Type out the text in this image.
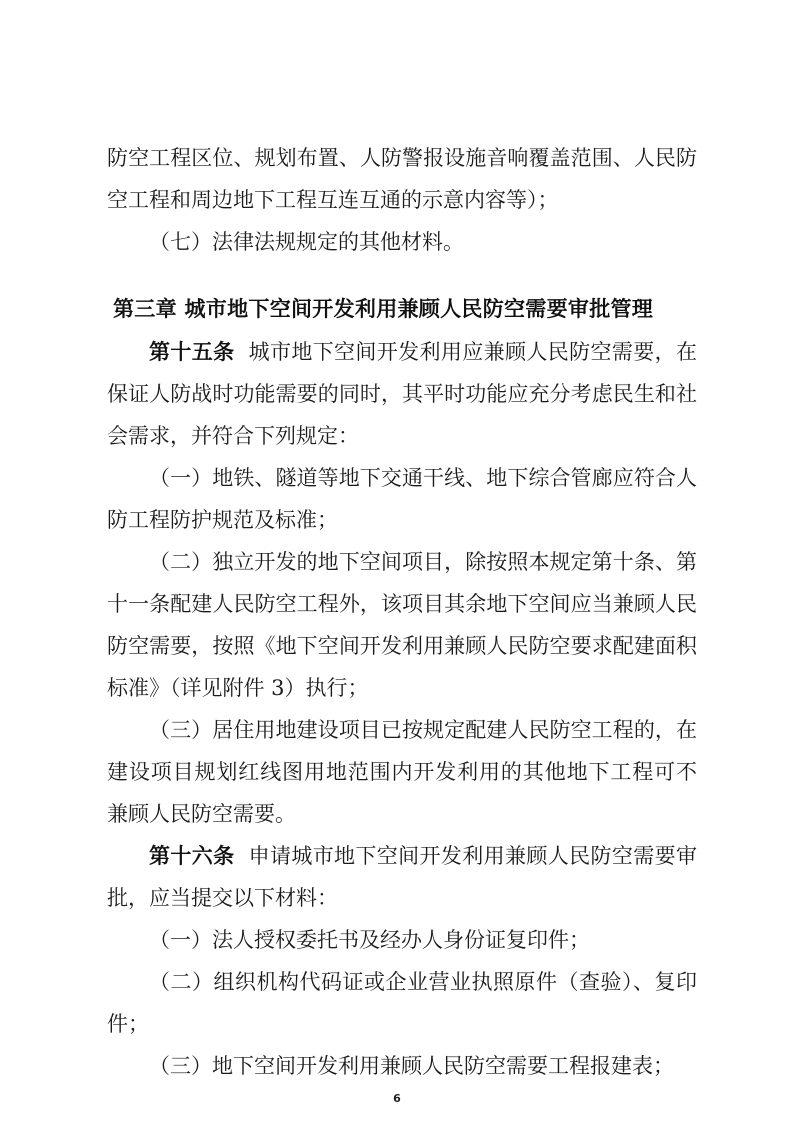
防空工程区位、规划布置、人防警报设施音响覆盖范围、人民防
空工程和周边地下工程互连互通的示意内容等）；
（七）法律法规规定的其他材料。
第三章 城市地下空间开发利用兼顾人民防空需要审批管理
第十五条 城市地下空间开发利用应兼顾人民防空需要，在
保证人防战时功能需要的同时，其平时功能应充分考虑民生和社
会需求，并符合下列规定：
（一）地铁、隧道等地下交通干线、地下综合管廊应符合人
防工程防护规范及标准；
（二）独立开发的地下空间项目，除按照本规定第十条、第
十一条配建人民防空工程外，该项目其余地下空间应当兼顾人民
防空需要，按照《地下空间开发利用兼顾人民防空要求配建面积
标准》（详见附件 3）执行；
（三）居住用地建设项目已按规定配建人民防空工程的，在
建设项目规划红线图用地范围内开发利用的其他地下工程可不
兼顾人民防空需要。
第十六条 申请城市地下空间开发利用兼顾人民防空需要审
批，应当提交以下材料：
（一）法人授权委托书及经办人身份证复印件；
（二）组织机构代码证或企业营业执照原件（查验）、复印
件；
（三）地下空间开发利用兼顾人民防空需要工程报建表；
6
